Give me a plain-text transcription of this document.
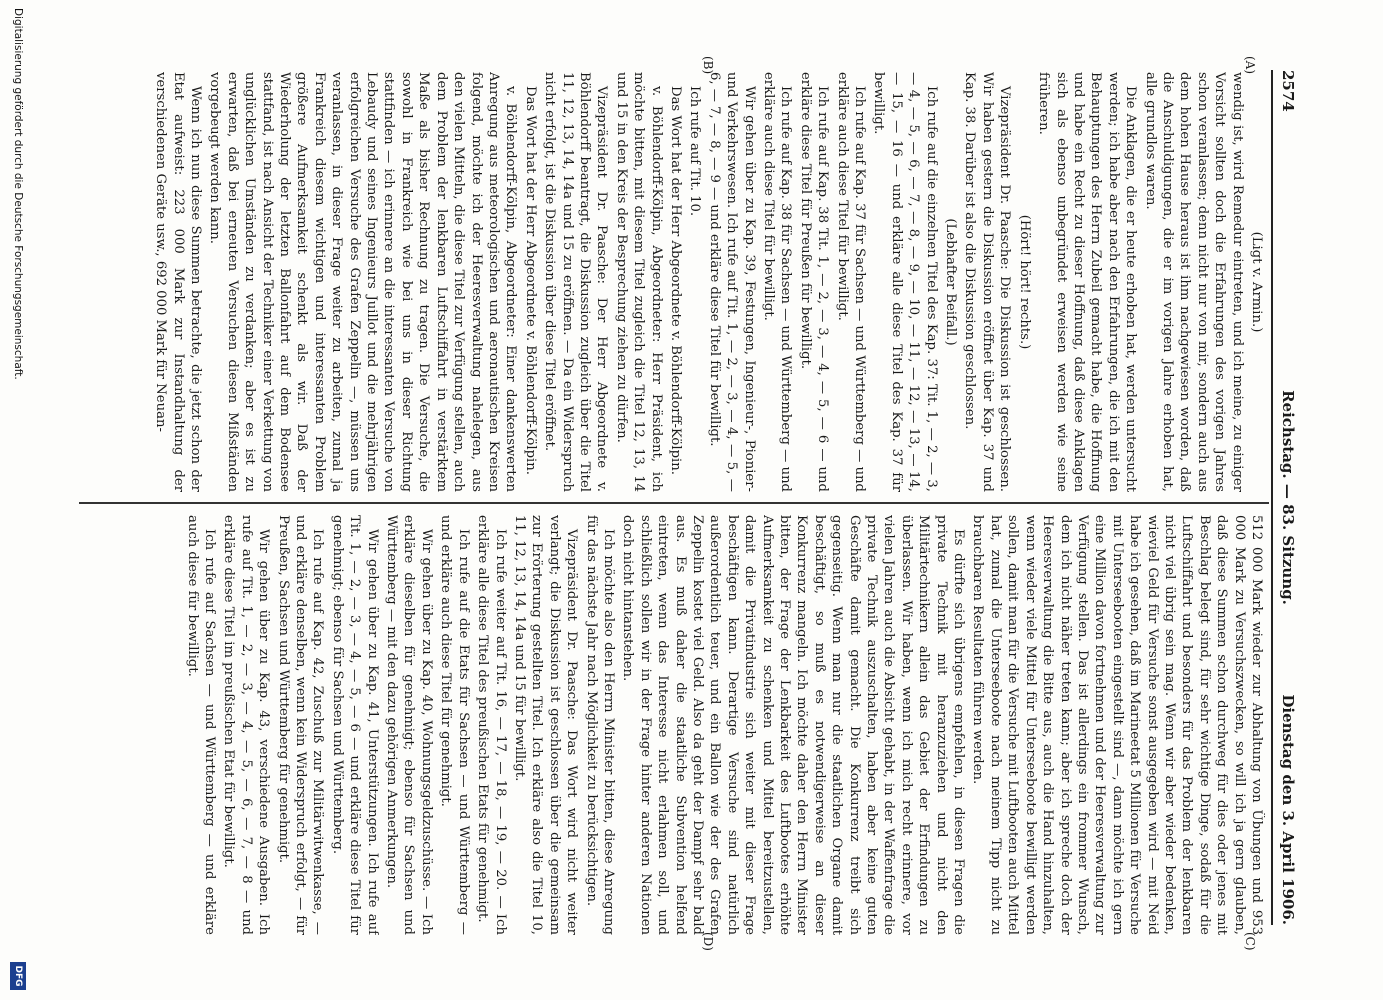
2574
Reichstag. — 83. Sitzung.
Dienstag den 3. April 1906.
(A)
(B)
(C)
(D)

(Ligt v. Armin.)

wendig ist, wird Remedur eintreten, und ich meine, zu einiger Vorsicht sollten doch die Erfahrungen des vorigen Jahres schon veranlassen; denn nicht nur von mir, sondern auch aus dem hohen Hause heraus ist ihm nachgewiesen worden, daß die Anschuldigungen, die er im vorigen Jahre erhoben hat, alle grundlos waren.

Die Anklagen, die er heute erhoben hat, werden untersucht werden; ich habe aber nach den Erfahrungen, die ich mit den Behauptungen des Herrn Zubeil gemacht habe, die Hoffnung und habe ein Recht zu dieser Hoffnung, daß diese Anklagen sich als ebenso unbegründet erweisen werden wie seine früheren.

(Hört! hört! rechts.)

Vizepräsident Dr. Paasche: Die Diskussion ist geschlossen. Wir haben gestern die Diskussion eröffnet über Kap. 37 und Kap. 38. Darüber ist also die Diskussion geschlossen.

(Lebhafter Beifall.)

Ich rufe auf die einzelnen Titel des Kap. 37: Tit. 1, — 2, — 3, — 4, — 5, — 6, — 7, — 8, — 9, — 10, — 11, — 12, — 13, — 14, — 15, — 16 — und erkläre alle diese Titel des Kap. 37 für bewilligt.

Ich rufe auf Kap. 37 für Sachsen — und Württemberg — und erkläre auch diese Titel für bewilligt.

Ich rufe auf Kap. 38 Tit. 1, — 2, — 3, — 4, — 5, — 6 — und erkläre diese Titel für Preußen für bewilligt.

Ich rufe auf Kap. 38 für Sachsen — und Württemberg — und erkläre auch diese Titel für bewilligt.

Wir gehen über zu Kap. 39, Festungen, Ingenieur-, Pionier- und Verkehrswesen. Ich rufe auf Tit. 1, — 2, — 3, — 4, — 5, — 6, — 7, — 8, — 9 — und erkläre diese Titel für bewilligt.

Ich rufe auf Tit. 10.

Das Wort hat der Herr Abgeordnete v. Böhlendorff-Kölpin.

v. Böhlendorff-Kölpin, Abgeordneter: Herr Präsident, ich möchte bitten, mit diesem Titel zugleich die Titel 12, 13, 14 und 15 in den Kreis der Besprechung ziehen zu dürfen.

Vizepräsident Dr. Paasche: Der Herr Abgeordnete v. Böhlendorff beantragt, die Diskussion zugleich über die Titel 11, 12, 13, 14, 14a und 15 zu eröffnen. — Da ein Widerspruch nicht erfolgt, ist die Diskussion über diese Titel eröffnet.

Das Wort hat der Herr Abgeordnete v. Böhlendorff-Kölpin.

v. Böhlendorff-Kölpin, Abgeordneter: Einer dankenswerten Anregung aus meteorologischen und aeronautischen Kreisen folgend, möchte ich der Heeresverwaltung nahelegen, aus den vielen Mitteln, die diese Titel zur Verfügung stellen, auch dem Problem der lenkbaren Luftschiffahrt in verstärktem Maße als bisher Rechnung zu tragen. Die Versuche, die sowohl in Frankreich wie bei uns in dieser Richtung stattfinden — ich erinnere an die interessanten Versuche von Lebaudy und seines Ingenieurs Juillot und die mehrjährigen erfolgreichen Versuche des Grafen Zeppelin —, müssen uns veranlassen, in dieser Frage weiter zu arbeiten, zumal ja Frankreich diesem wichtigen und interessanten Problem größere Aufmerksamkeit schenkt als wir. Daß der Wiederholung der letzten Ballonfahrt auf dem Bodensee stattfand, ist nach Ansicht der Techniker einer Verkettung von unglücklichen Umständen zu verdanken; aber es ist zu erwarten, daß bei erneuten Versuchen diesen Mißständen vorgebeugt werden kann.

Wenn ich nun diese Summen betrachte, die jetzt schon der Etat aufweist: 223 000 Mark zur Instandhaltung der verschiedenen Geräte usw., 692 000 Mark für Neuan-

512 000 Mark wieder zur Abhaltung von Übungen und 953 000 Mark zu Versuchszwecken, so will ich ja gern glauben, daß diese Summen schon durchweg für dies oder jenes mit Beschlag belegt sind, für sehr wichtige Dinge, sodaß für die Luftschiffahrt und besonders für das Problem der lenkbaren nicht viel übrig sein mag. Wenn wir aber wieder bedenken, wieviel Geld für Versuche sonst ausgegeben wird — mit Neid habe ich gesehen, daß im Marineetat 5 Millionen für Versuche mit Unterseebooten eingestellt sind —, dann möchte ich gern eine Million davon fortnehmen und der Heeresverwaltung zur Verfügung stellen. Das ist allerdings ein frommer Wunsch, dem ich nicht näher treten kann; aber ich spreche doch der Heeresverwaltung die Bitte aus, auch die Hand hinzuhalten, wenn wieder viele Mittel für Unterseeboote bewilligt werden sollen, damit man für die Versuche mit Luftbooten auch Mittel hat, zumal die Unterseeboote nach meinem Tipp nicht zu brauchbaren Resultaten führen werden.

Es dürfte sich übrigens empfehlen, in diesen Fragen die private Technik mit heranzuziehen und nicht den Militärtechnikern allein das Gebiet der Erfindungen zu überlassen. Wir haben, wenn ich mich recht erinnere, vor vielen Jahren auch die Absicht gehabt, in der Waffenfrage die private Technik auszuschalten, haben aber keine guten Geschäfte damit gemacht. Die Konkurrenz treibt sich gegenseitig. Wenn man nur die staatlichen Organe damit beschäftigt, so muß es notwendigerweise an dieser Konkurrenz mangeln. Ich möchte daher den Herrn Minister bitten, der Frage der Lenkbarkeit des Luftbootes erhöhte Aufmerksamkeit zu schenken und Mittel bereitzustellen, damit die Privatindustrie sich weiter mit dieser Frage beschäftigen kann. Derartige Versuche sind natürlich außerordentlich teuer, und ein Ballon wie der des Grafen Zeppelin kostet viel Geld. Also da geht der Dampf sehr bald aus. Es muß daher die staatliche Subvention helfend eintreten, wenn das Interesse nicht erlahmen soll, und schließlich sollen wir in der Frage hinter anderen Nationen doch nicht hintanstehen.

Ich möchte also den Herrn Minister bitten, diese Anregung für das nächste Jahr nach Möglichkeit zu berücksichtigen.

Vizepräsident Dr. Paasche: Das Wort wird nicht weiter verlangt; die Diskussion ist geschlossen über die gemeinsam zur Erörterung gestellten Titel. Ich erkläre also die Titel 10, 11, 12, 13, 14, 14a und 15 für bewilligt.

Ich rufe weiter auf Tit. 16, — 17, — 18, — 19, — 20. — Ich erkläre alle diese Titel des preußischen Etats für genehmigt.

Ich rufe auf die Etats für Sachsen — und Württemberg — und erkläre auch diese Titel für genehmigt.

Wir gehen über zu Kap. 40, Wohnungsgeldzuschüsse. — Ich erkläre dieselben für genehmigt; ebenso für Sachsen und Württemberg — mit den dazu gehörigen Anmerkungen.

Wir gehen über zu Kap. 41, Unterstützungen. Ich rufe auf Tit. 1, — 2, — 3, — 4, — 5, — 6 — und erkläre diese Titel für genehmigt; ebenso für Sachsen und Württemberg.

Ich rufe auf Kap. 42, Zuschuß zur Militärwitwenkasse, — und erkläre denselben, wenn kein Widerspruch erfolgt, — für Preußen, Sachsen und Württemberg für genehmigt.

Wir gehen über zu Kap. 43, verschiedene Ausgaben. Ich rufe auf Tit. 1, — 2, — 3, — 4, — 5, — 6, — 7, — 8 — und erkläre diese Titel im preußischen Etat für bewilligt.

Ich rufe auf Sachsen — und Württemberg — und erkläre auch diese für bewilligt.

Digitalisierung gefördert durch die Deutsche Forschungsgemeinschaft.
DFG
